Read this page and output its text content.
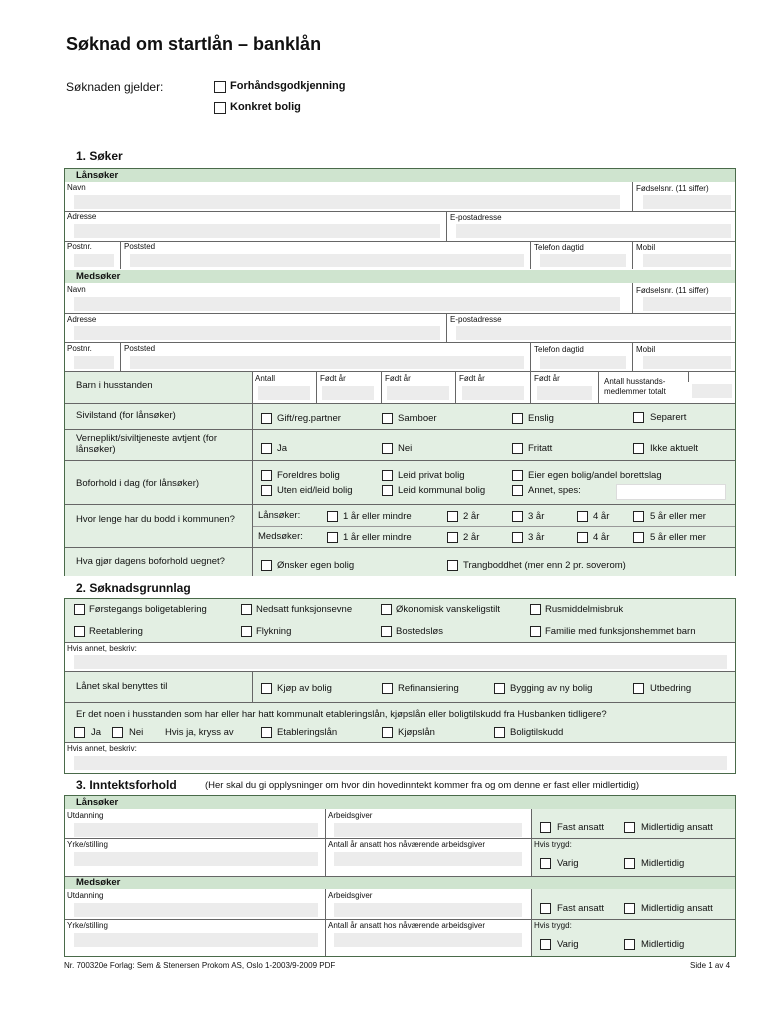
Søknad om startlån – banklån
Søknaden gjelder:	Forhåndsgodkjenning
Konkret bolig
1. Søker
Lånsøker
Navn	Fødselsnr. (11 siffer)
Adresse	E-postadresse
Postnr.	Poststed	Telefon dagtid	Mobil
Medsøker
Navn	Fødselsnr. (11 siffer)
Adresse	E-postadresse
Postnr.	Poststed	Telefon dagtid	Mobil
Barn i husstanden
Antall	Født år	Født år	Født år	Født år	Antall husstands- medlemmer totalt
Sivilstand (for lånsøker)	Gift/reg.partner	Samboer	Enslig	Separert
Verneplikt/siviltjeneste avtjent (for lånsøker)	Ja	Nei	Fritatt	Ikke aktuelt
Boforhold i dag (for lånsøker)
Foreldres bolig	Leid privat bolig	Eier egen bolig/andel borettslag
Uten eid/leid bolig	Leid kommunal bolig	Annet, spes:
Hvor lenge har du bodd i kommunen?	Lånsøker:	1 år eller mindre	2 år	3 år	4 år	5 år eller mer
Medsøker:	1 år eller mindre	2 år	3 år	4 år	5 år eller mer
Hva gjør dagens boforhold uegnet?	Ønsker egen bolig	Trangboddhet (mer enn 2 pr. soverom)
2. Søknadsgrunnlag
Førstegangs boligetablering	Nedsatt funksjonsevne	Økonomisk vanskeligstilt	Rusmiddelmisbruk
Reetablering	Flykning	Bostedsløs	Familie med funksjonshemmet barn
Hvis annet, beskriv:
Lånet skal benyttes til	Kjøp av bolig	Refinansiering	Bygging av ny bolig	Utbedring
Er det noen i husstanden som har eller har hatt kommunalt etableringslån, kjøpslån eller boligtilskudd fra Husbanken tidligere?
Ja	Nei Hvis ja, kryss av	Etableringslån	Kjøpslån	Boligtilskudd
Hvis annet, beskriv:
3. Inntektsforhold	(Her skal du gi opplysninger om hvor din hovedinntekt kommer fra og om denne er fast eller midlertidig)
Lånsøker
Utdanning	Arbeidsgiver
Fast ansatt	Midlertidig ansatt
Yrke/stilling	Antall år ansatt hos nåværende arbeidsgiver	Hvis trygd:
Varig	Midlertidig
Medsøker
Utdanning	Arbeidsgiver
Fast ansatt	Midlertidig ansatt
Yrke/stilling	Antall år ansatt hos nåværende arbeidsgiver	Hvis trygd:
Varig	Midlertidig
Nr. 700320e Forlag: Sem & Stenersen Prokom AS, Oslo 1-2003/9-2009 PDF	Side 1 av 4
